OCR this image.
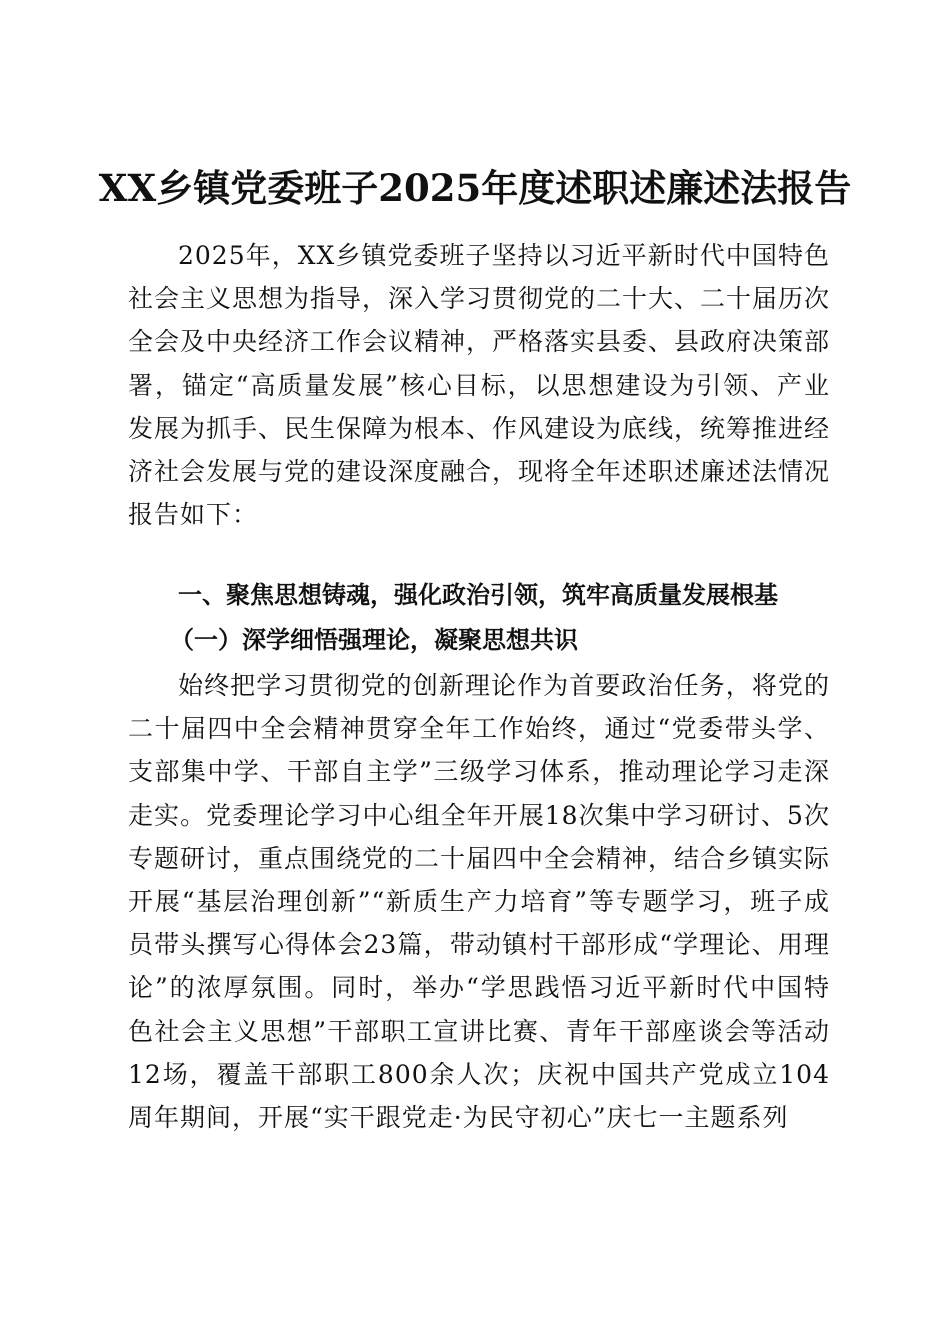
XX乡镇党委班子2025年度述职述廉述法报告
2025年，XX乡镇党委班子坚持以习近平新时代中国特色社会主义思想为指导，深入学习贯彻党的二十大、二十届历次全会及中央经济工作会议精神，严格落实县委、县政府决策部署，锚定“高质量发展”核心目标，以思想建设为引领、产业发展为抓手、民生保障为根本、作风建设为底线，统筹推进经济社会发展与党的建设深度融合，现将全年述职述廉述法情况报告如下：
一、聚焦思想铸魂，强化政治引领，筑牢高质量发展根基
（一）深学细悟强理论，凝聚思想共识
始终把学习贯彻党的创新理论作为首要政治任务，将党的二十届四中全会精神贯穿全年工作始终，通过“党委带头学、支部集中学、干部自主学”三级学习体系，推动理论学习走深走实。党委理论学习中心组全年开展18次集中学习研讨、5次专题研讨，重点围绕党的二十届四中全会精神，结合乡镇实际开展“基层治理创新”“新质生产力培育”等专题学习，班子成员带头撰写心得体会23篇，带动镇村干部形成“学理论、用理论”的浓厚氛围。同时，举办“学思践悟习近平新时代中国特色社会主义思想”干部职工宣讲比赛、青年干部座谈会等活动12场，覆盖干部职工800余人次；庆祝中国共产党成立104周年期间，开展“实干跟党走·为民守初心”庆七一主题系列
